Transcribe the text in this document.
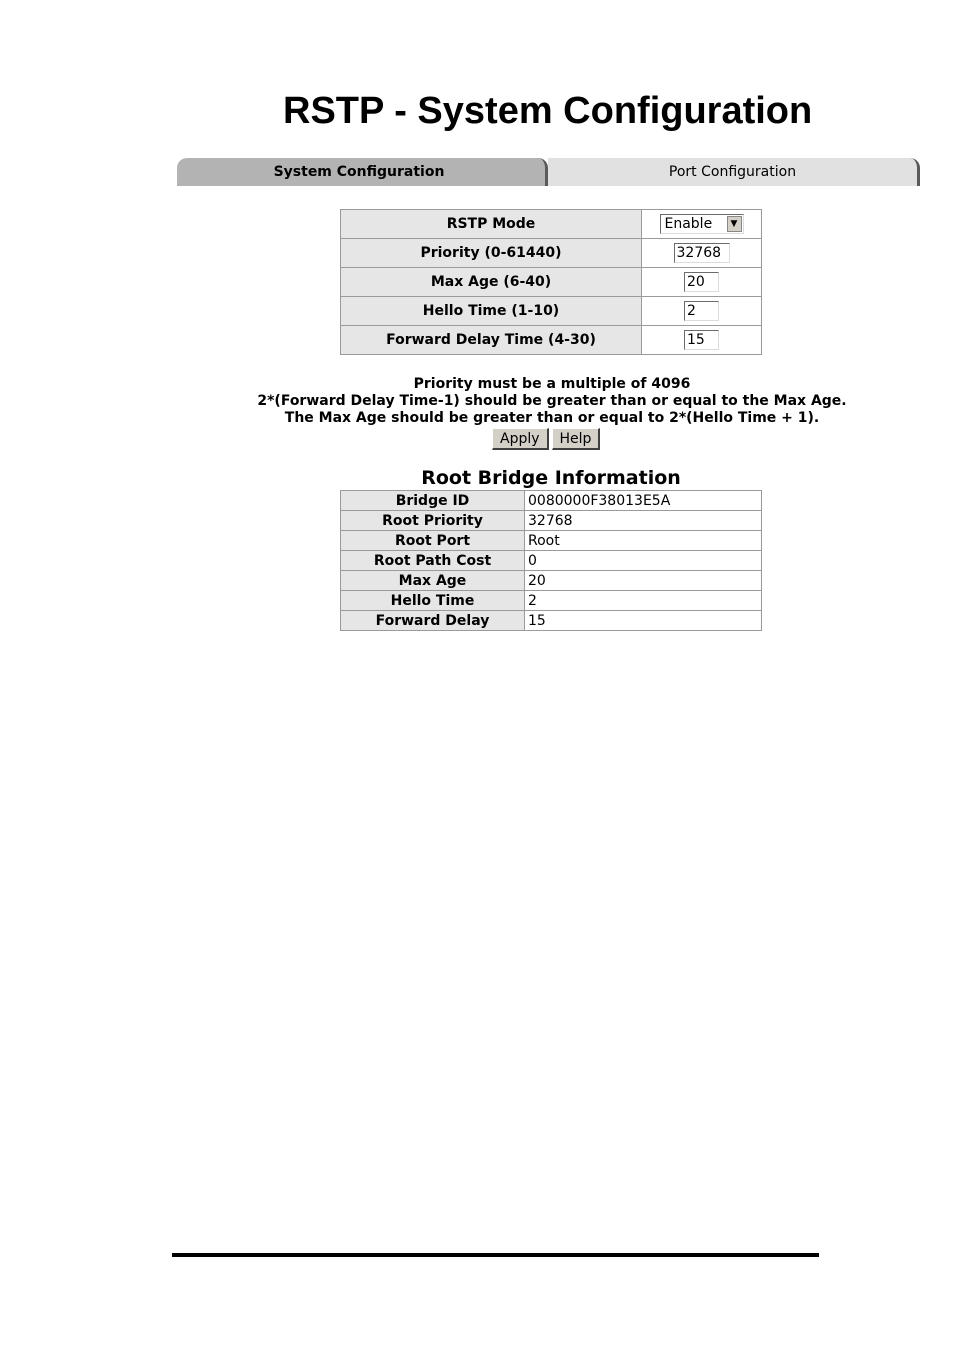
RSTP - System Configuration
System Configuration	Port Configuration
RSTP Mode	Enable ▼

Priority (0-61440)	32768
Max Age (6-40)	20
Hello Time (1-10)	2
Forward Delay Time (4-30)	15
Priority must be a multiple of 4096
2*(Forward Delay Time-1) should be greater than or equal to the Max Age.
The Max Age should be greater than or equal to 2*(Hello Time + 1).
Apply Help
Root Bridge Information
Bridge ID	0080000F38013E5A
Root Priority	32768
Root Port	Root
Root Path Cost	0
Max Age	20
Hello Time	2
Forward Delay	15
